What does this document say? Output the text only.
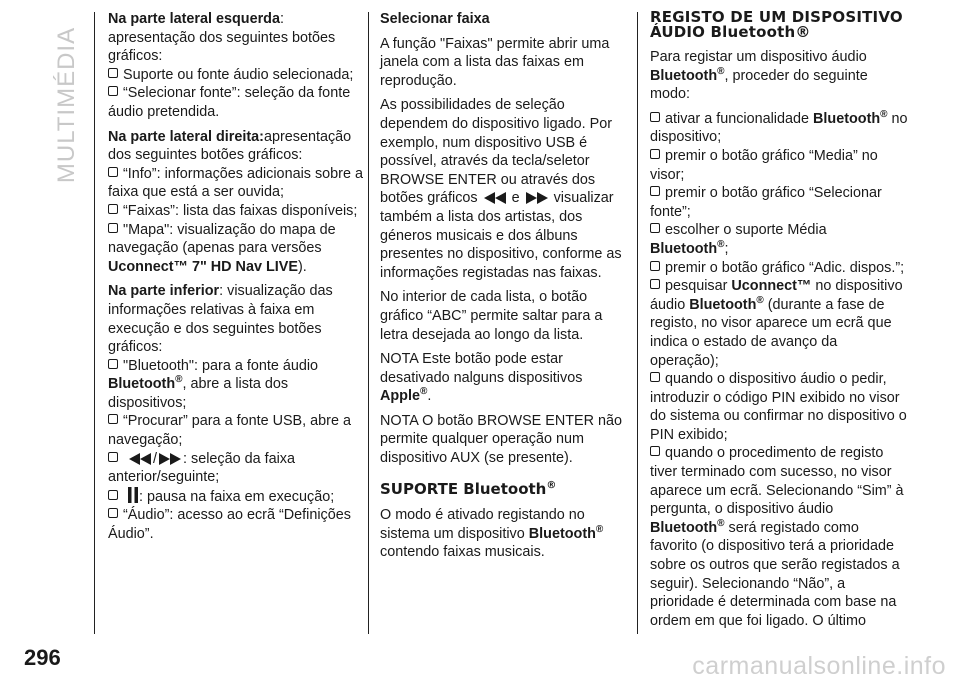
MULTIMÉDIA

Na parte lateral esquerda: apresentação dos seguintes botões gráficos:
Suporte ou fonte áudio selecionada;
“Selecionar fonte”: seleção da fonte áudio pretendida.

Na parte lateral direita:apresentação dos seguintes botões gráficos:
“Info”: informações adicionais sobre a faixa que está a ser ouvida;
“Faixas”: lista das faixas disponíveis;
"Mapa": visualização do mapa de navegação (apenas para versões Uconnect™ 7" HD Nav LIVE).

Na parte inferior: visualização das informações relativas à faixa em execução e dos seguintes botões gráficos:
"Bluetooth": para a fonte áudio Bluetooth®, abre a lista dos dispositivos;
“Procurar” para a fonte USB, abre a navegação;
/ : seleção da faixa anterior/seguinte;
: pausa na faixa em execução;
“Áudio”: acesso ao ecrã “Definições Áudio”.

Selecionar faixa

A função "Faixas" permite abrir uma janela com a lista das faixas em reprodução.

As possibilidades de seleção dependem do dispositivo ligado. Por exemplo, num dispositivo USB é possível, através da tecla/seletor BROWSE ENTER ou através dos botões gráficos e visualizar também a lista dos artistas, dos géneros musicais e dos álbuns presentes no dispositivo, conforme as informações registadas nas faixas.

No interior de cada lista, o botão gráfico “ABC” permite saltar para a letra desejada ao longo da lista.

NOTA Este botão pode estar desativado nalguns dispositivos Apple®.

NOTA O botão BROWSE ENTER não permite qualquer operação num dispositivo AUX (se presente).

SUPORTE Bluetooth®

O modo é ativado registando no sistema um dispositivo Bluetooth® contendo faixas musicais.

REGISTO DE UM DISPOSITIVO ÁUDIO Bluetooth®

Para registar um dispositivo áudio Bluetooth®, proceder do seguinte modo:

ativar a funcionalidade Bluetooth® no dispositivo;
premir o botão gráfico “Media” no visor;
premir o botão gráfico “Selecionar fonte”;
escolher o suporte Média Bluetooth®;
premir o botão gráfico “Adic. dispos.”;
pesquisar Uconnect™ no dispositivo áudio Bluetooth® (durante a fase de registo, no visor aparece um ecrã que indica o estado de avanço da operação);
quando o dispositivo áudio o pedir, introduzir o código PIN exibido no visor do sistema ou confirmar no dispositivo o PIN exibido;
quando o procedimento de registo tiver terminado com sucesso, no visor aparece um ecrã. Selecionando “Sim” à pergunta, o dispositivo áudio Bluetooth® será registado como favorito (o dispositivo terá a prioridade sobre os outros que serão registados a seguir). Selecionando “Não”, a prioridade é determinada com base na ordem em que foi ligado. O último
296	carmanualsonline.info
